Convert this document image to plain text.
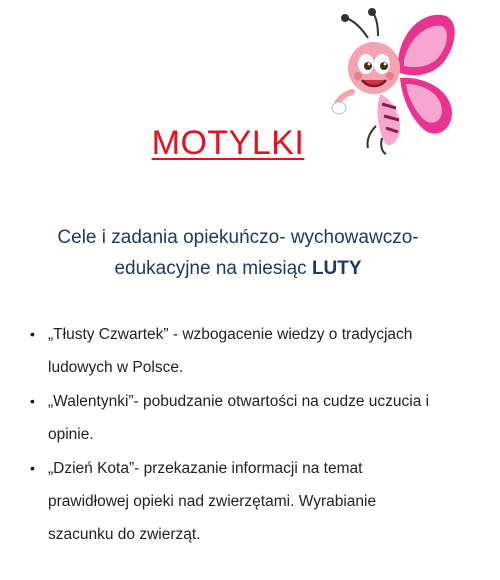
MOTYLKI
Cele i zadania opiekuńczo- wychowawczo-
edukacyjne na miesiąc LUTY
• „Tłusty Czwartek” - wzbogacenie wiedzy o tradycjach
ludowych w Polsce.
• „Walentynki”- pobudzanie otwartości na cudze uczucia i
opinie.
• „Dzień Kota”- przekazanie informacji na temat
prawidłowej opieki nad zwierzętami. Wyrabianie
szacunku do zwierząt.
